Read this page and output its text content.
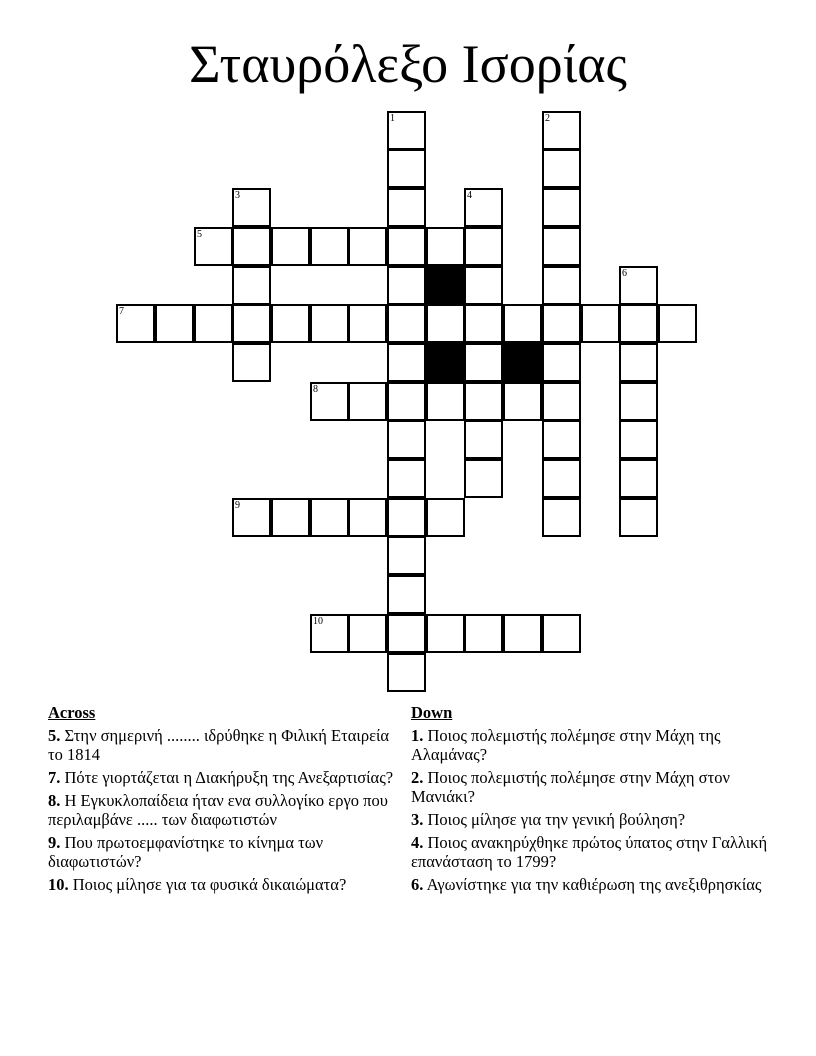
Σταυρόλεξο Ισορίας
1	2
3	4
5
6
7
8
9
10
Across
5. Στην σημερινή ........ ιδρύθηκε η Φιλική Εταιρεία το 1814
7. Πότε γιορτάζεται η Διακήρυξη της Ανεξαρτισίας?
8. Η Εγκυκλοπαίδεια ήταν ενα συλλογίκο εργο που περιλαμβάνε ..... των διαφωτιστών
9. Που πρωτοεμφανίστηκε το κίνημα των διαφωτιστών?
10. Ποιος μίλησε για τα φυσικά δικαιώματα?
Down
1. Ποιος πολεμιστής πολέμησε στην Μάχη της Αλαμάνας?
2. Ποιος πολεμιστής πολέμησε στην Μάχη στον Μανιάκι?
3. Ποιος μίλησε για την γενική βούληση?
4. Ποιος ανακηρύχθηκε πρώτος ύπατος στην Γαλλική επανάσταση το 1799?
6. Αγωνίστηκε για την καθιέρωση της ανεξιθρησκίας
